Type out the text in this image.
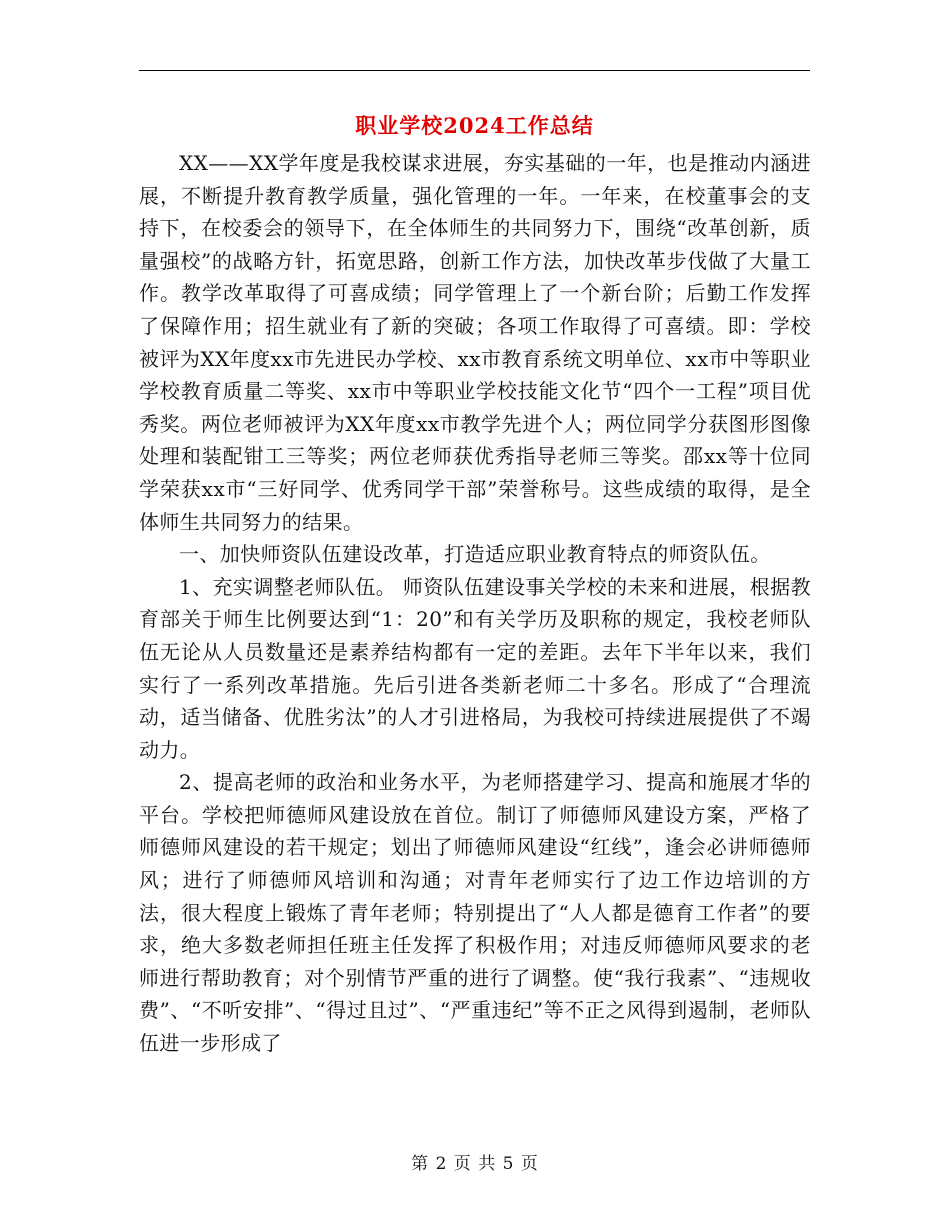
职业学校2024工作总结

XX——XX学年度是我校谋求进展，夯实基础的一年，也是推动内涵进展，不断提升教育教学质量，强化管理的一年。一年来，在校董事会的支持下，在校委会的领导下，在全体师生的共同努力下，围绕“改革创新，质量强校”的战略方针，拓宽思路，创新工作方法，加快改革步伐做了大量工作。教学改革取得了可喜成绩；同学管理上了一个新台阶；后勤工作发挥了保障作用；招生就业有了新的突破；各项工作取得了可喜绩。即：学校被评为XX年度xx市先进民办学校、xx市教育系统文明单位、xx市中等职业学校教育质量二等奖、xx市中等职业学校技能文化节“四个一工程”项目优秀奖。两位老师被评为XX年度xx市教学先进个人；两位同学分获图形图像处理和装配钳工三等奖；两位老师获优秀指导老师三等奖。邵xx等十位同学荣获xx市“三好同学、优秀同学干部”荣誉称号。这些成绩的取得，是全体师生共同努力的结果。

一、加快师资队伍建设改革，打造适应职业教育特点的师资队伍。

1、充实调整老师队伍。 师资队伍建设事关学校的未来和进展，根据教育部关于师生比例要达到“1：20”和有关学历及职称的规定，我校老师队伍无论从人员数量还是素养结构都有一定的差距。去年下半年以来，我们实行了一系列改革措施。先后引进各类新老师二十多名。形成了“合理流动，适当储备、优胜劣汰”的人才引进格局，为我校可持续进展提供了不竭动力。

2、提高老师的政治和业务水平，为老师搭建学习、提高和施展才华的平台。学校把师德师风建设放在首位。制订了师德师风建设方案，严格了师德师风建设的若干规定；划出了师德师风建设“红线”，逢会必讲师德师风；进行了师德师风培训和沟通；对青年老师实行了边工作边培训的方法，很大程度上锻炼了青年老师；特别提出了“人人都是德育工作者”的要求，绝大多数老师担任班主任发挥了积极作用；对违反师德师风要求的老师进行帮助教育；对个别情节严重的进行了调整。使“我行我素”、“违规收费”、“不听安排”、“得过且过”、“严重违纪”等不正之风得到遏制，老师队伍进一步形成了

第 2 页 共 5 页
